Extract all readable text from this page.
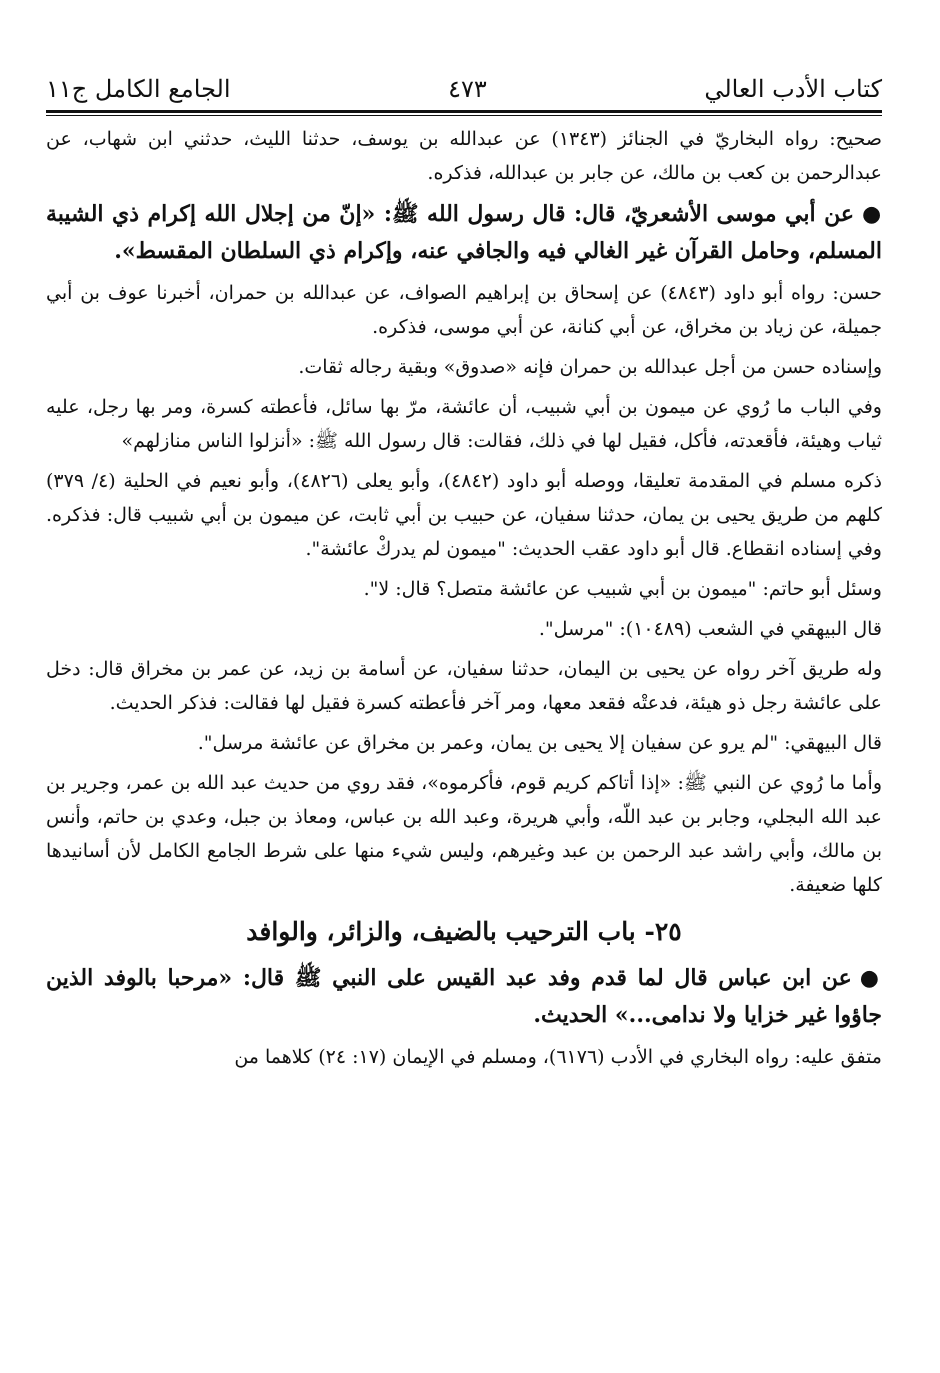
كتاب الأدب العالي
٤٧٣
الجامع الكامل ج١١

صحيح: رواه البخاريّ في الجنائز (١٣٤٣) عن عبدالله بن يوسف، حدثنا الليث، حدثني ابن شهاب، عن عبدالرحمن بن كعب بن مالك، عن جابر بن عبدالله، فذكره.

●عن أبي موسى الأشعريّ، قال: قال رسول الله ﷺ: «إنّ من إجلال الله إكرام ذي الشيبة المسلم، وحامل القرآن غير الغالي فيه والجافي عنه، وإكرام ذي السلطان المقسط».

حسن: رواه أبو داود (٤٨٤٣) عن إسحاق بن إبراهيم الصواف، عن عبدالله بن حمران، أخبرنا عوف بن أبي جميلة، عن زياد بن مخراق، عن أبي كنانة، عن أبي موسى، فذكره.

وإسناده حسن من أجل عبدالله بن حمران فإنه «صدوق» وبقية رجاله ثقات.

وفي الباب ما رُوي عن ميمون بن أبي شبيب، أن عائشة، مرّ بها سائل، فأعطته كسرة، ومر بها رجل، عليه ثياب وهيئة، فأقعدته، فأكل، فقيل لها في ذلك، فقالت: قال رسول الله ﷺ: «أنزلوا الناس منازلهم»

ذكره مسلم في المقدمة تعليقا، ووصله أبو داود (٤٨٤٢)، وأبو يعلى (٤٨٢٦)، وأبو نعيم في الحلية (٤/ ٣٧٩) كلهم من طريق يحيى بن يمان، حدثنا سفيان، عن حبيب بن أبي ثابت، عن ميمون بن أبي شبيب قال: فذكره. وفي إسناده انقطاع. قال أبو داود عقب الحديث: "ميمون لم يدركْ عائشة".

وسئل أبو حاتم: "ميمون بن أبي شبيب عن عائشة متصل؟ قال: لا".

قال البيهقي في الشعب (١٠٤٨٩): "مرسل".

وله طريق آخر رواه عن يحيى بن اليمان، حدثنا سفيان، عن أسامة بن زيد، عن عمر بن مخراق قال: دخل على عائشة رجل ذو هيئة، فدعتْه فقعد معها، ومر آخر فأعطته كسرة فقيل لها فقالت: فذكر الحديث.

قال البيهقي: "لم يرو عن سفيان إلا يحيى بن يمان، وعمر بن مخراق عن عائشة مرسل".

وأما ما رُوي عن النبي ﷺ: «إذا أتاكم كريم قوم، فأكرموه»، فقد روي من حديث عبد الله بن عمر، وجرير بن عبد الله البجلي، وجابر بن عبد اللّه، وأبي هريرة، وعبد الله بن عباس، ومعاذ بن جبل، وعدي بن حاتم، وأنس بن مالك، وأبي راشد عبد الرحمن بن عبد وغيرهم، وليس شيء منها على شرط الجامع الكامل لأن أسانيدها كلها ضعيفة.

٢٥- باب الترحيب بالضيف، والزائر، والوافد

●عن ابن عباس قال لما قدم وفد عبد القيس على النبي ﷺ قال: «مرحبا بالوفد الذين جاؤوا غير خزايا ولا ندامى...» الحديث.

متفق عليه: رواه البخاري في الأدب (٦١٧٦)، ومسلم في الإيمان (١٧: ٢٤) كلاهما من
